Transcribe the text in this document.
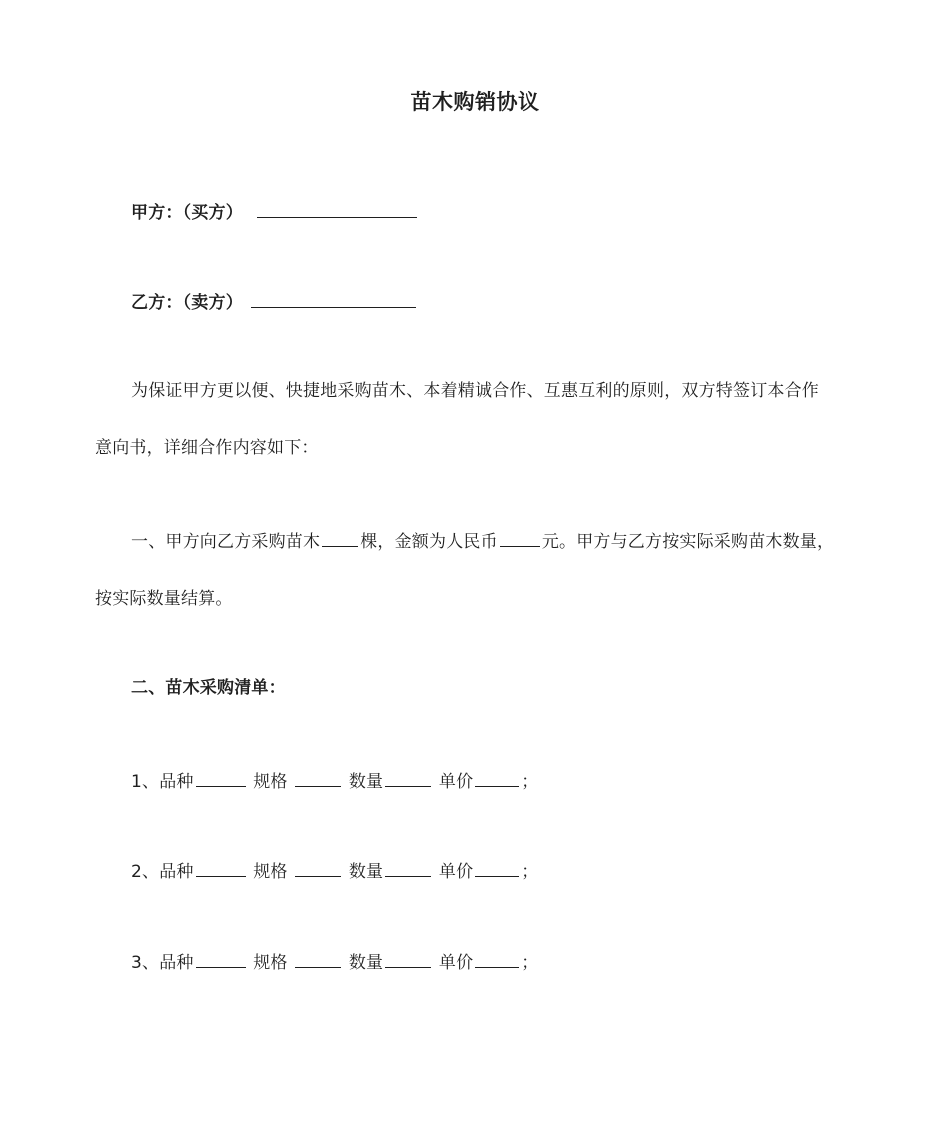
苗木购销协议
甲方：（买方）
乙方：（卖方）
为保证甲方更以便、快捷地采购苗木、本着精诚合作、互惠互利的原则，双方特签订本合作
意向书，详细合作内容如下：
一、甲方向乙方采购苗木 棵，金额为人民币	元。甲方与乙方按实际采购苗木数量，
按实际数量结算。
二、苗木采购清单：
1、品种	规格	数量	单价	；
2、品种	规格	数量	单价	；
3、品种	规格	数量	单价	；
